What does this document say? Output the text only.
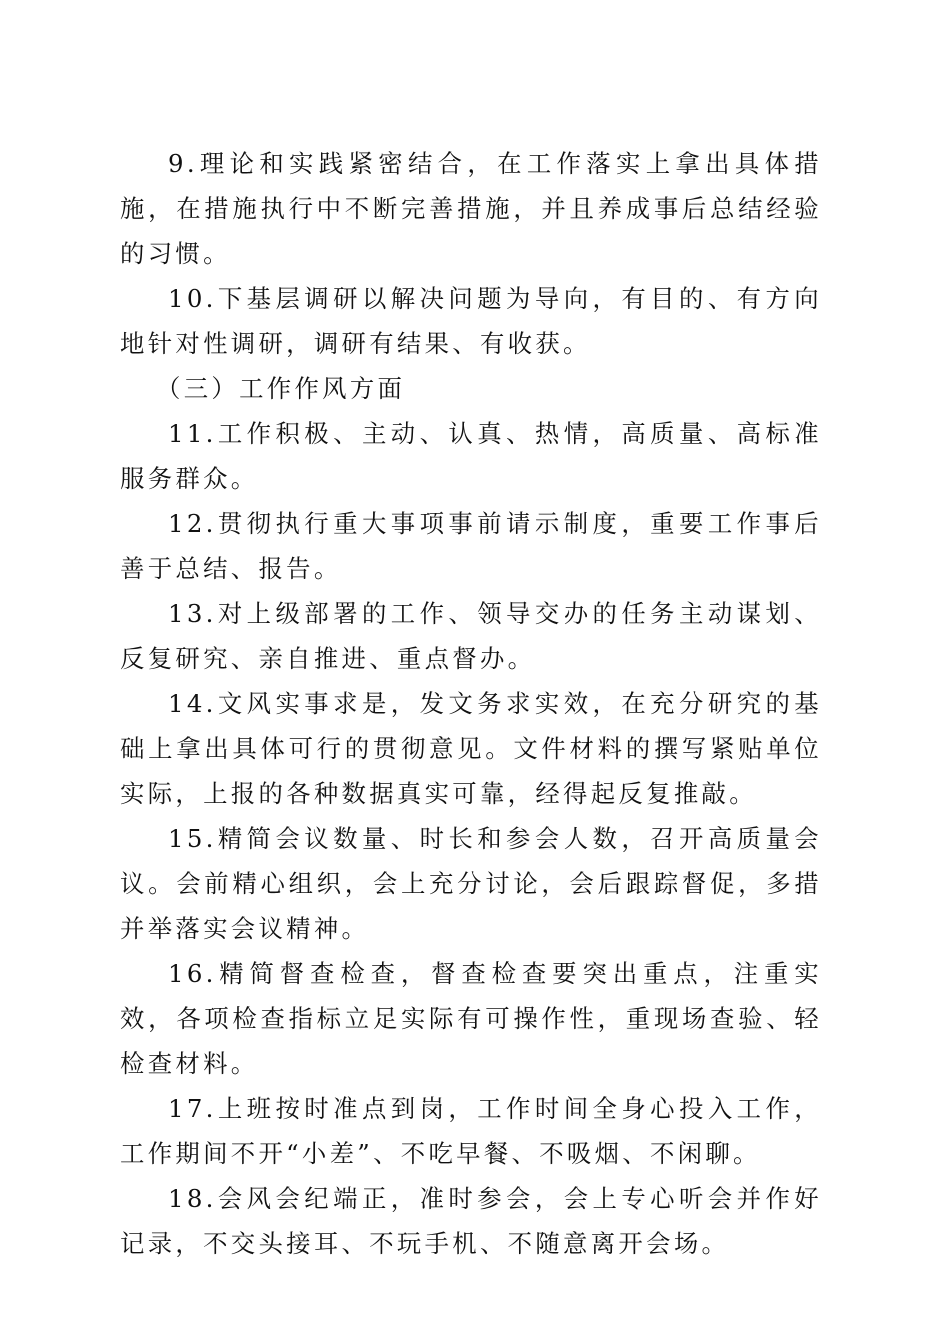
9.理论和实践紧密结合，在工作落实上拿出具体措施，在措施执行中不断完善措施，并且养成事后总结经验的习惯。

10.下基层调研以解决问题为导向，有目的、有方向地针对性调研，调研有结果、有收获。

（三）工作作风方面

11.工作积极、主动、认真、热情，高质量、高标准服务群众。

12.贯彻执行重大事项事前请示制度，重要工作事后善于总结、报告。

13.对上级部署的工作、领导交办的任务主动谋划、反复研究、亲自推进、重点督办。

14.文风实事求是，发文务求实效，在充分研究的基础上拿出具体可行的贯彻意见。文件材料的撰写紧贴单位实际，上报的各种数据真实可靠，经得起反复推敲。

15.精简会议数量、时长和参会人数，召开高质量会议。会前精心组织，会上充分讨论，会后跟踪督促，多措并举落实会议精神。

16.精简督查检查，督查检查要突出重点，注重实效，各项检查指标立足实际有可操作性，重现场查验、轻检查材料。

17.上班按时准点到岗，工作时间全身心投入工作，工作期间不开“小差”、不吃早餐、不吸烟、不闲聊。

18.会风会纪端正，准时参会，会上专心听会并作好记录，不交头接耳、不玩手机、不随意离开会场。
